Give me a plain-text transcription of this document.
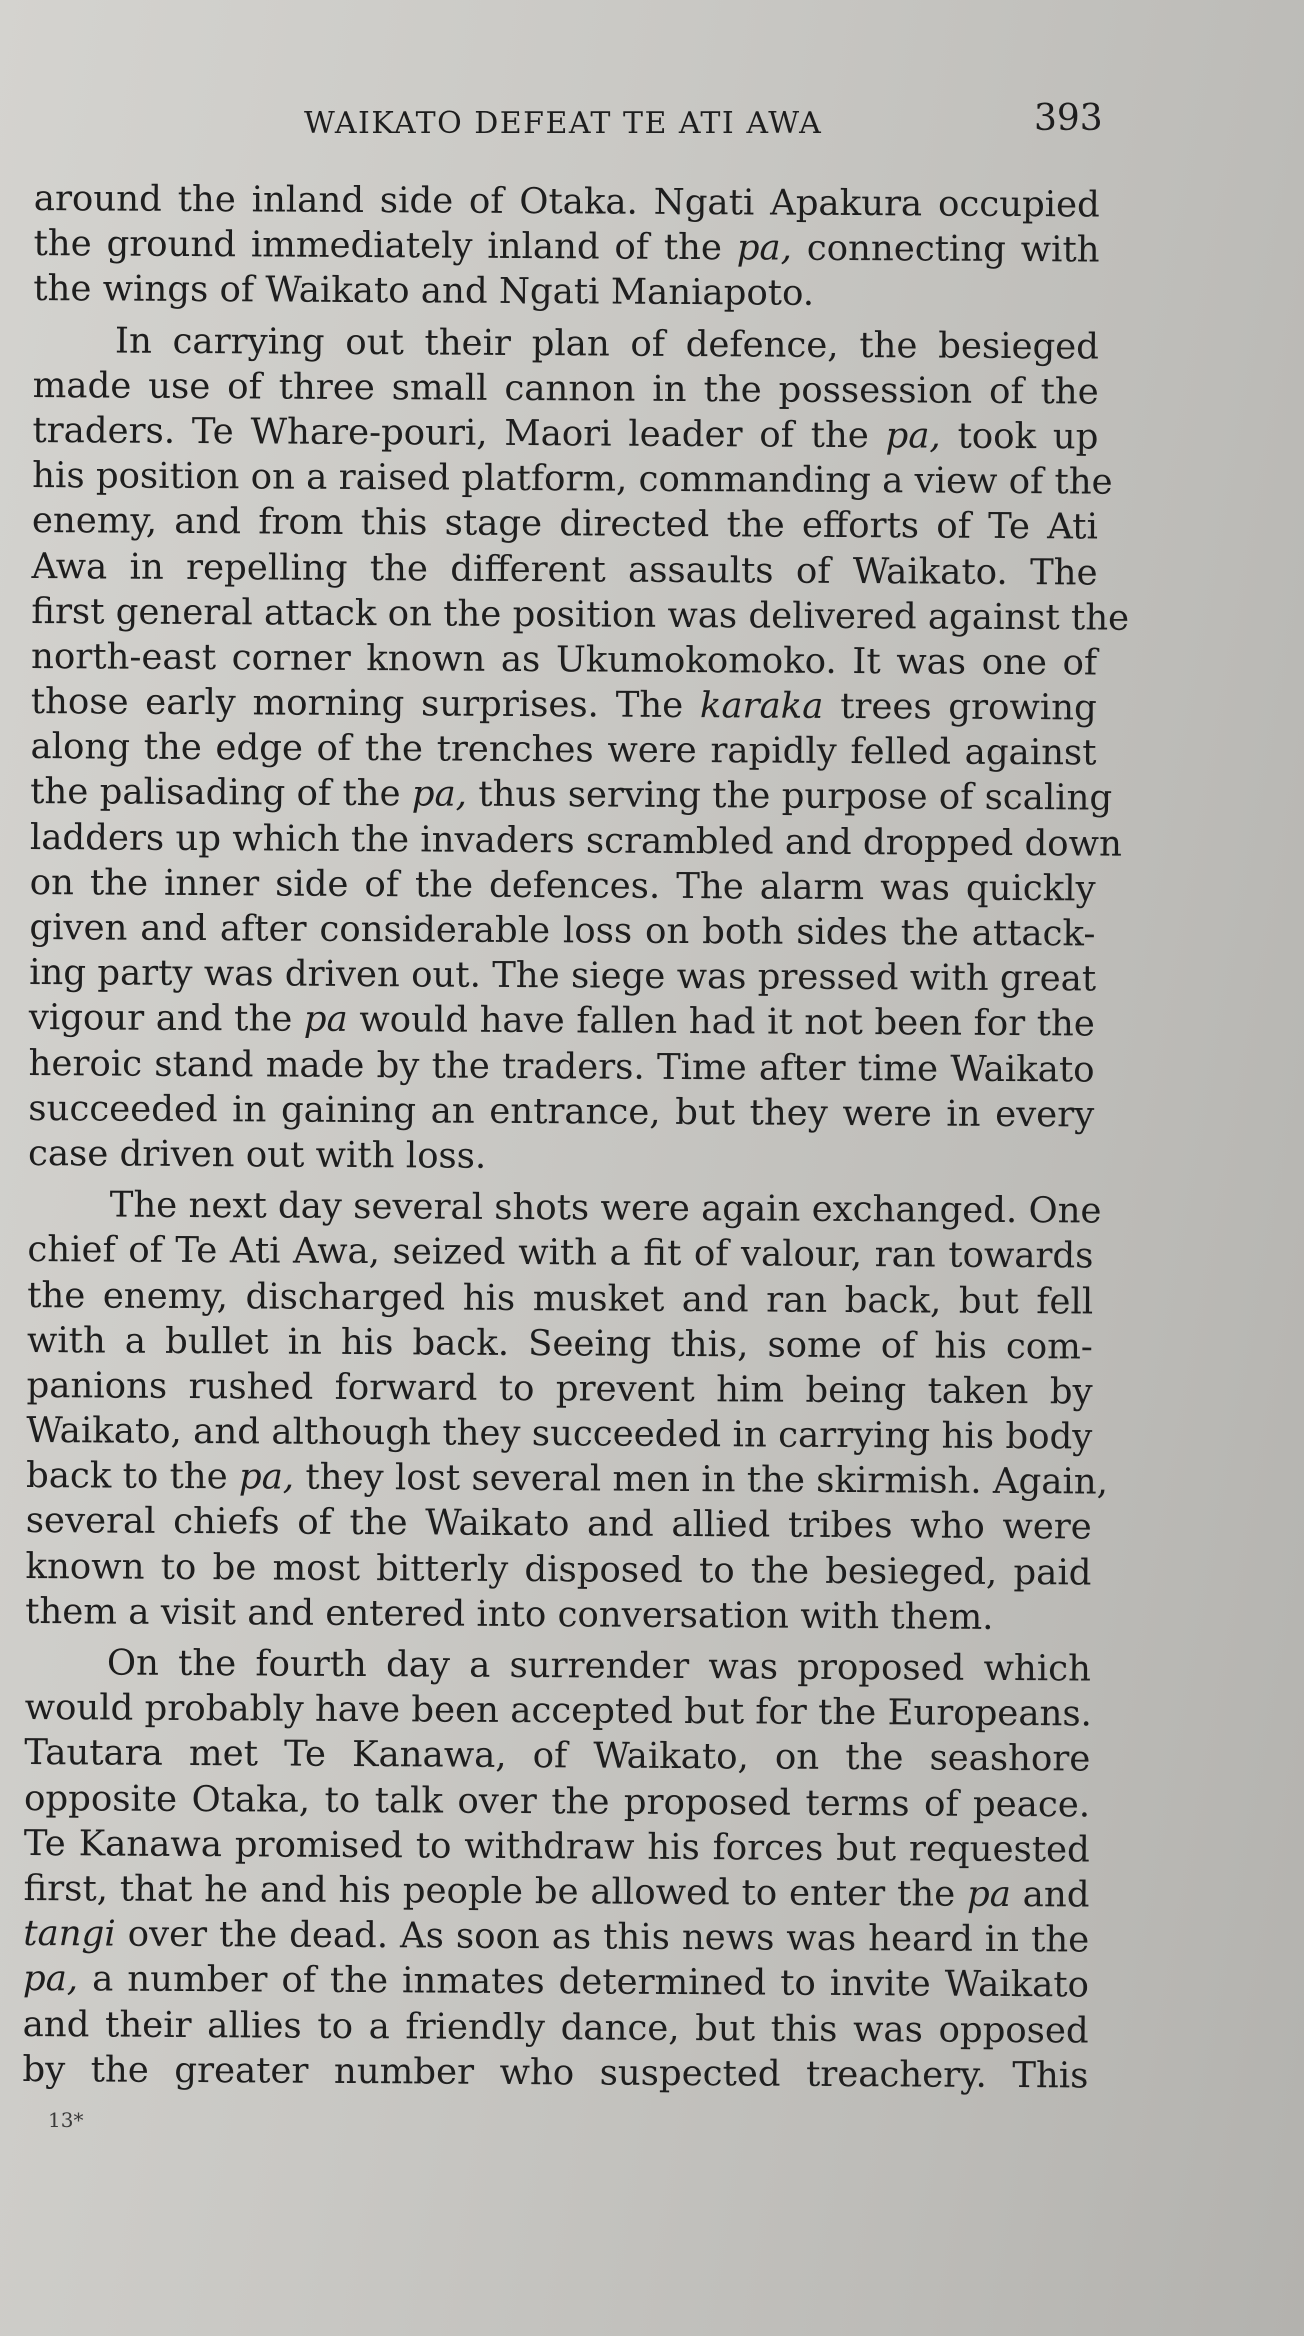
WAIKATO DEFEAT TE ATI AWA	393
around the inland side of Otaka. Ngati Apakura occupied
the ground immediately inland of the pa, connecting with
the wings of Waikato and Ngati Maniapoto.
In carrying out their plan of defence, the besieged
made use of three small cannon in the possession of the
traders. Te Whare-pouri, Maori leader of the pa, took up
his position on a raised platform, commanding a view of the
enemy, and from this stage directed the efforts of Te Ati
Awa in repelling the different assaults of Waikato. The
first general attack on the position was delivered against the
north-east corner known as Ukumokomoko. It was one of
those early morning surprises. The karaka trees growing
along the edge of the trenches were rapidly felled against
the palisading of the pa, thus serving the purpose of scaling
ladders up which the invaders scrambled and dropped down
on the inner side of the defences. The alarm was quickly
given and after considerable loss on both sides the attack-
ing party was driven out. The siege was pressed with great
vigour and the pa would have fallen had it not been for the
heroic stand made by the traders. Time after time Waikato
succeeded in gaining an entrance, but they were in every
case driven out with loss.
The next day several shots were again exchanged. One
chief of Te Ati Awa, seized with a fit of valour, ran towards
the enemy, discharged his musket and ran back, but fell
with a bullet in his back. Seeing this, some of his com-
panions rushed forward to prevent him being taken by
Waikato, and although they succeeded in carrying his body
back to the pa, they lost several men in the skirmish. Again,
several chiefs of the Waikato and allied tribes who were
known to be most bitterly disposed to the besieged, paid
them a visit and entered into conversation with them.
On the fourth day a surrender was proposed which
would probably have been accepted but for the Europeans.
Tautara met Te Kanawa, of Waikato, on the seashore
opposite Otaka, to talk over the proposed terms of peace.
Te Kanawa promised to withdraw his forces but requested
first, that he and his people be allowed to enter the pa and
tangi over the dead. As soon as this news was heard in the
pa, a number of the inmates determined to invite Waikato
and their allies to a friendly dance, but this was opposed
by the greater number who suspected treachery. This
13*
